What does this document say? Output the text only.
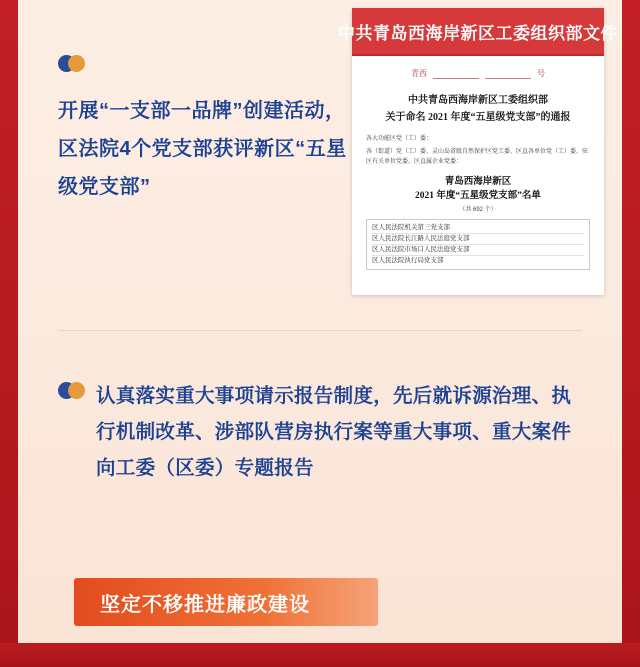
开展“一支部一品牌”创建活动，区法院4个党支部获评新区“五星级党支部”
中共青岛西海岸新区工委组织部文件
青西	号
中共青岛西海岸新区工委组织部
关于命名 2021 年度“五星级党支部”的通报
各大功能区党（工）委：
各（街道）党（工）委、灵山岛省级自然保护区党工委、区直各单位党（工）委、驻区有关单位党委、区直属企业党委：
青岛西海岸新区
2021 年度“五星级党支部”名单
（共 692 个）
区人民法院机关第三党支部
区人民法院长江路人民法庭党支部
区人民法院市场口人民法庭党支部
区人民法院执行局党支部
认真落实重大事项请示报告制度，先后就诉源治理、执行机制改革、涉部队营房执行案等重大事项、重大案件向工委（区委）专题报告
坚定不移推进廉政建设
